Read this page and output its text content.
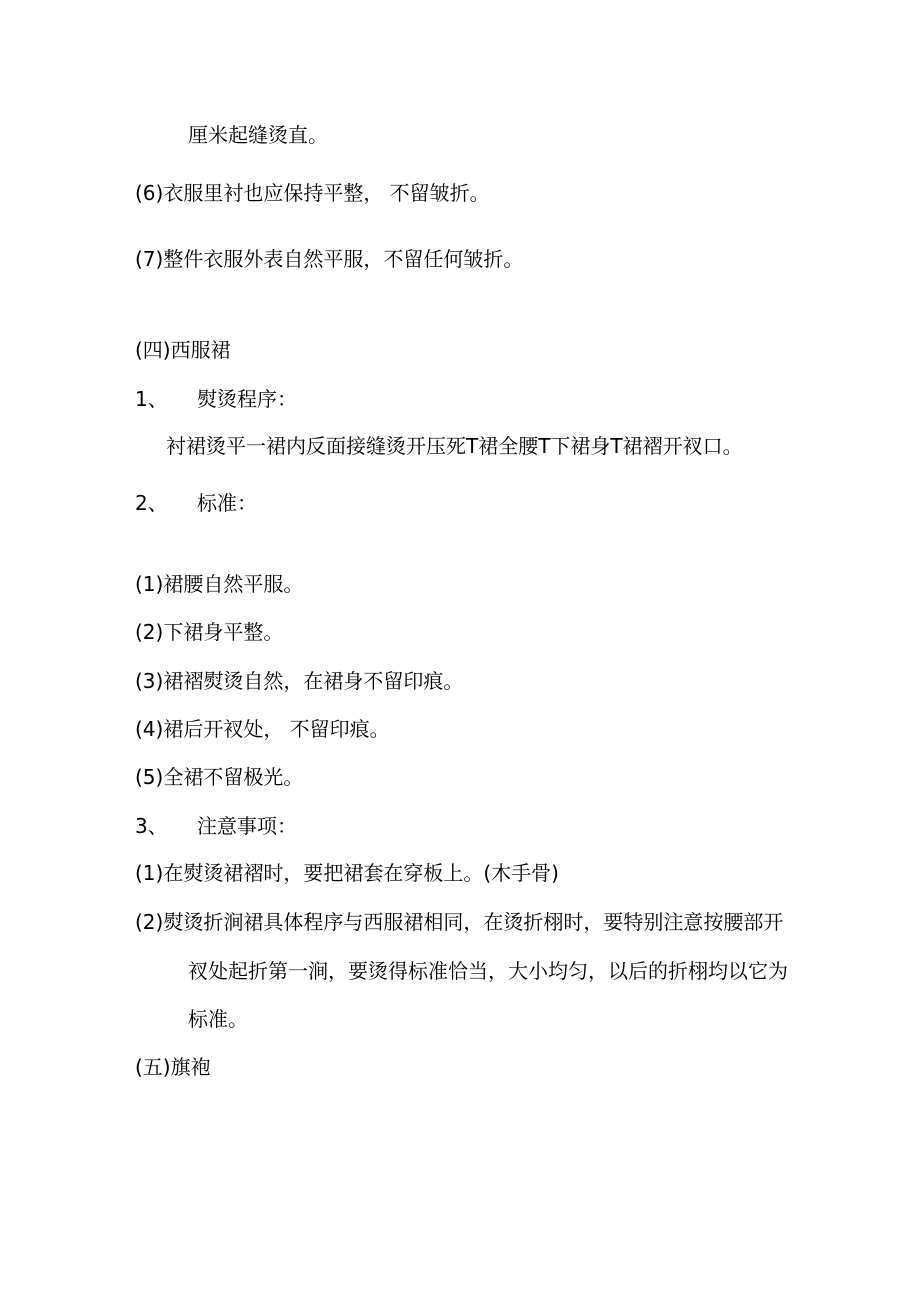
厘米起缝烫直。

(6)衣服里衬也应保持平整， 不留皱折。

(7)整件衣服外表自然平服，不留任何皱折。

(四)西服裙

1、 熨烫程序：

衬裙烫平一裙内反面接缝烫开压死T裙全腰T下裙身T裙褶开衩口。

2、 标准：

(1)裙腰自然平服。

(2)下裙身平整。

(3)裙褶熨烫自然，在裙身不留印痕。

(4)裙后开衩处， 不留印痕。

(5)全裙不留极光。

3、 注意事项：

(1)在熨烫裙褶时，要把裙套在穿板上。(木手骨)

(2)熨烫折涧裙具体程序与西服裙相同，在烫折栩时，要特别注意按腰部开

衩处起折第一涧，要烫得标准恰当，大小均匀，以后的折栩均以它为

标准。

(五)旗袍
